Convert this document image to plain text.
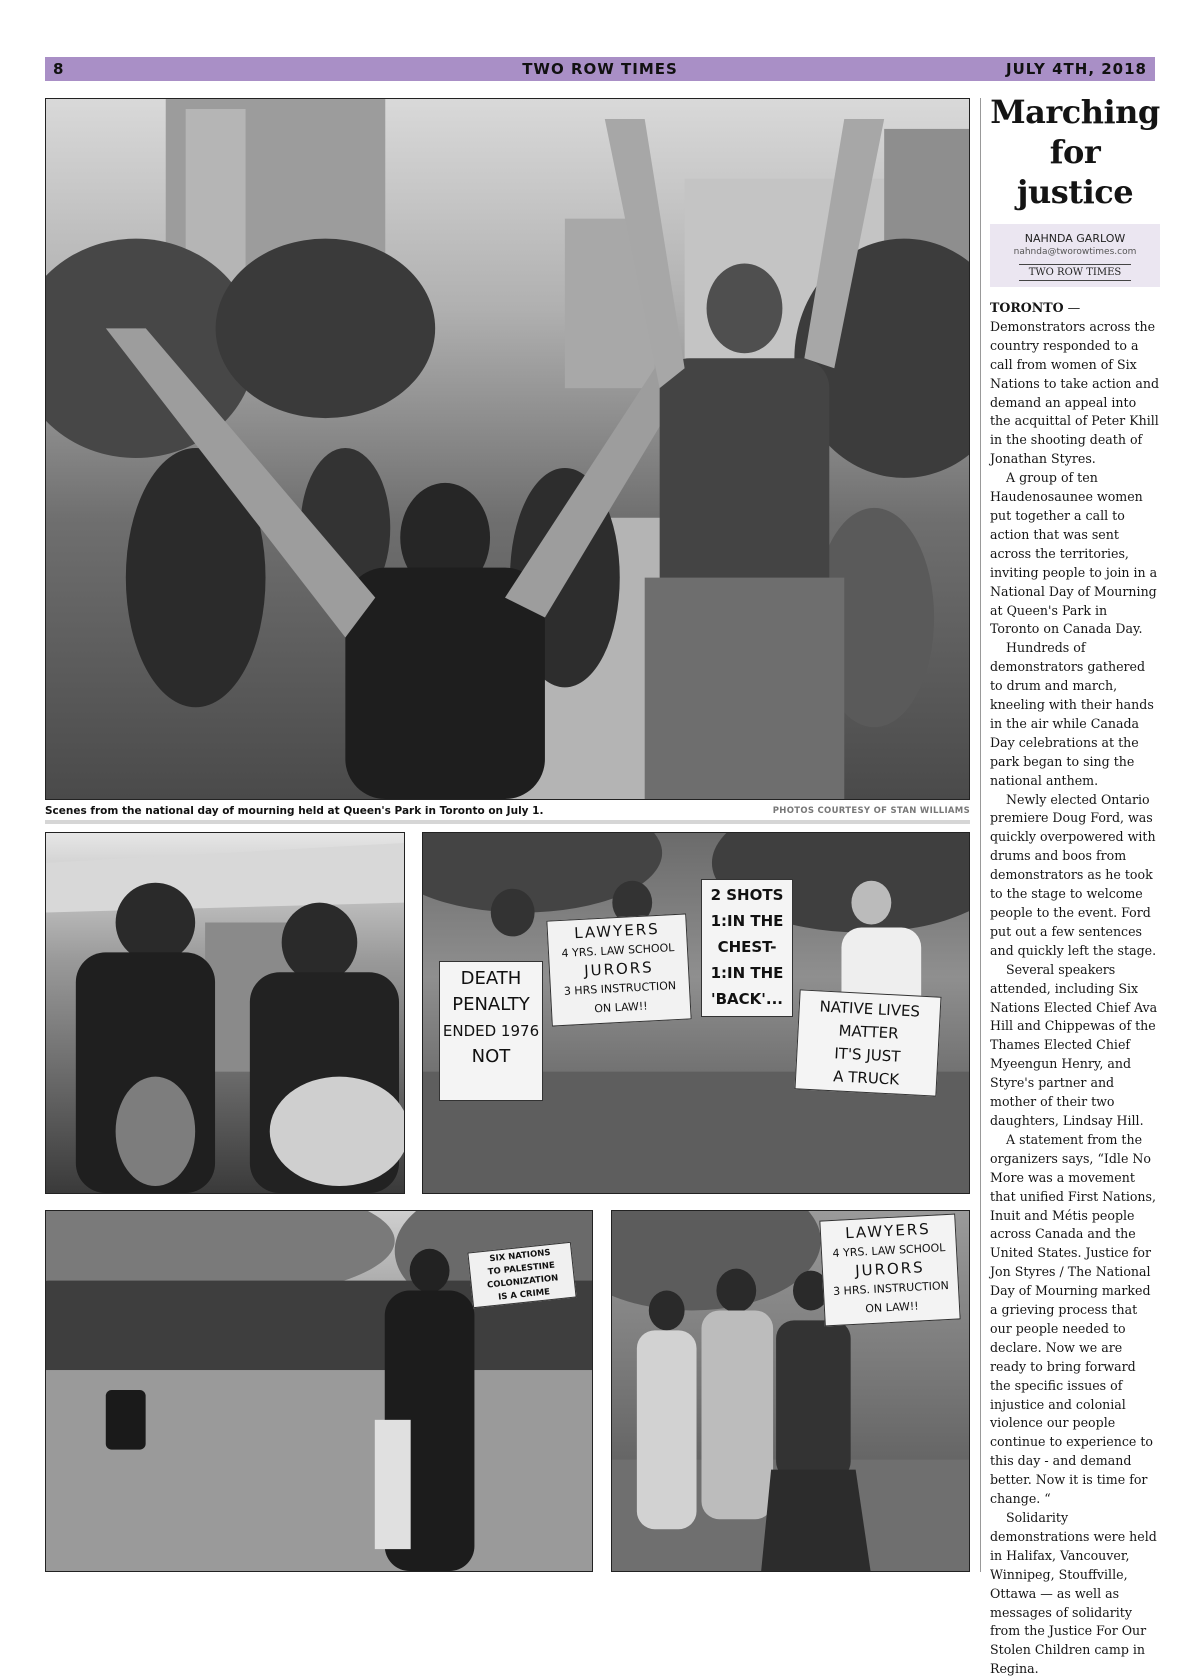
8	TWO ROW TIMES	JULY 4TH, 2018
Scenes from the national day of mourning held at Queen's Park in Toronto on July 1.	PHOTOS COURTESY OF STAN WILLIAMS
DEATH
PENALTY
ENDED 1976
NOT
LAWYERS
4 YRS. LAW SCHOOL
JURORS
3 HRS INSTRUCTION
ON LAW!!
2 SHOTS
1:IN THE
CHEST-
1:IN THE
'BACK'...	NATIVE LIVES
MATTER
IT'S JUST
A TRUCK
SIX NATIONS
TO PALESTINE
COLONIZATION
IS A CRIME
LAWYERS
4 YRS. LAW SCHOOL
JURORS
3 HRS. INSTRUCTION
ON LAW!!
Marching
for justice
NAHNDA GARLOW
nahnda@tworowtimes.com
TWO ROW TIMES

TORONTO — Demonstrators across the country responded to a call from women of Six Nations to take action and demand an appeal into the acquittal of Peter Khill in the shooting death of Jonathan Styres.

A group of ten Haudenosaunee women put together a call to action that was sent across the territories, inviting people to join in a National Day of Mourning at Queen's Park in Toronto on Canada Day.

Hundreds of demonstrators gathered to drum and march, kneeling with their hands in the air while Canada Day celebrations at the park began to sing the national anthem.

Newly elected Ontario premiere Doug Ford, was quickly overpowered with drums and boos from demonstrators as he took to the stage to welcome people to the event. Ford put out a few sentences and quickly left the stage.

Several speakers attended, including Six Nations Elected Chief Ava Hill and Chippewas of the Thames Elected Chief Myeengun Henry, and Styre's partner and mother of their two daughters, Lindsay Hill.

A statement from the organizers says, “Idle No More was a movement that unified First Nations, Inuit and Métis people across Canada and the United States. Justice for Jon Styres / The National Day of Mourning marked a grieving process that our people needed to declare. Now we are ready to bring forward the specific issues of injustice and colonial violence our people continue to experience to this day - and demand better. Now it is time for change. “

Solidarity demonstrations were held in Halifax, Vancouver, Winnipeg, Stouffville, Ottawa — as well as messages of solidarity from the Justice For Our Stolen Children camp in Regina.
